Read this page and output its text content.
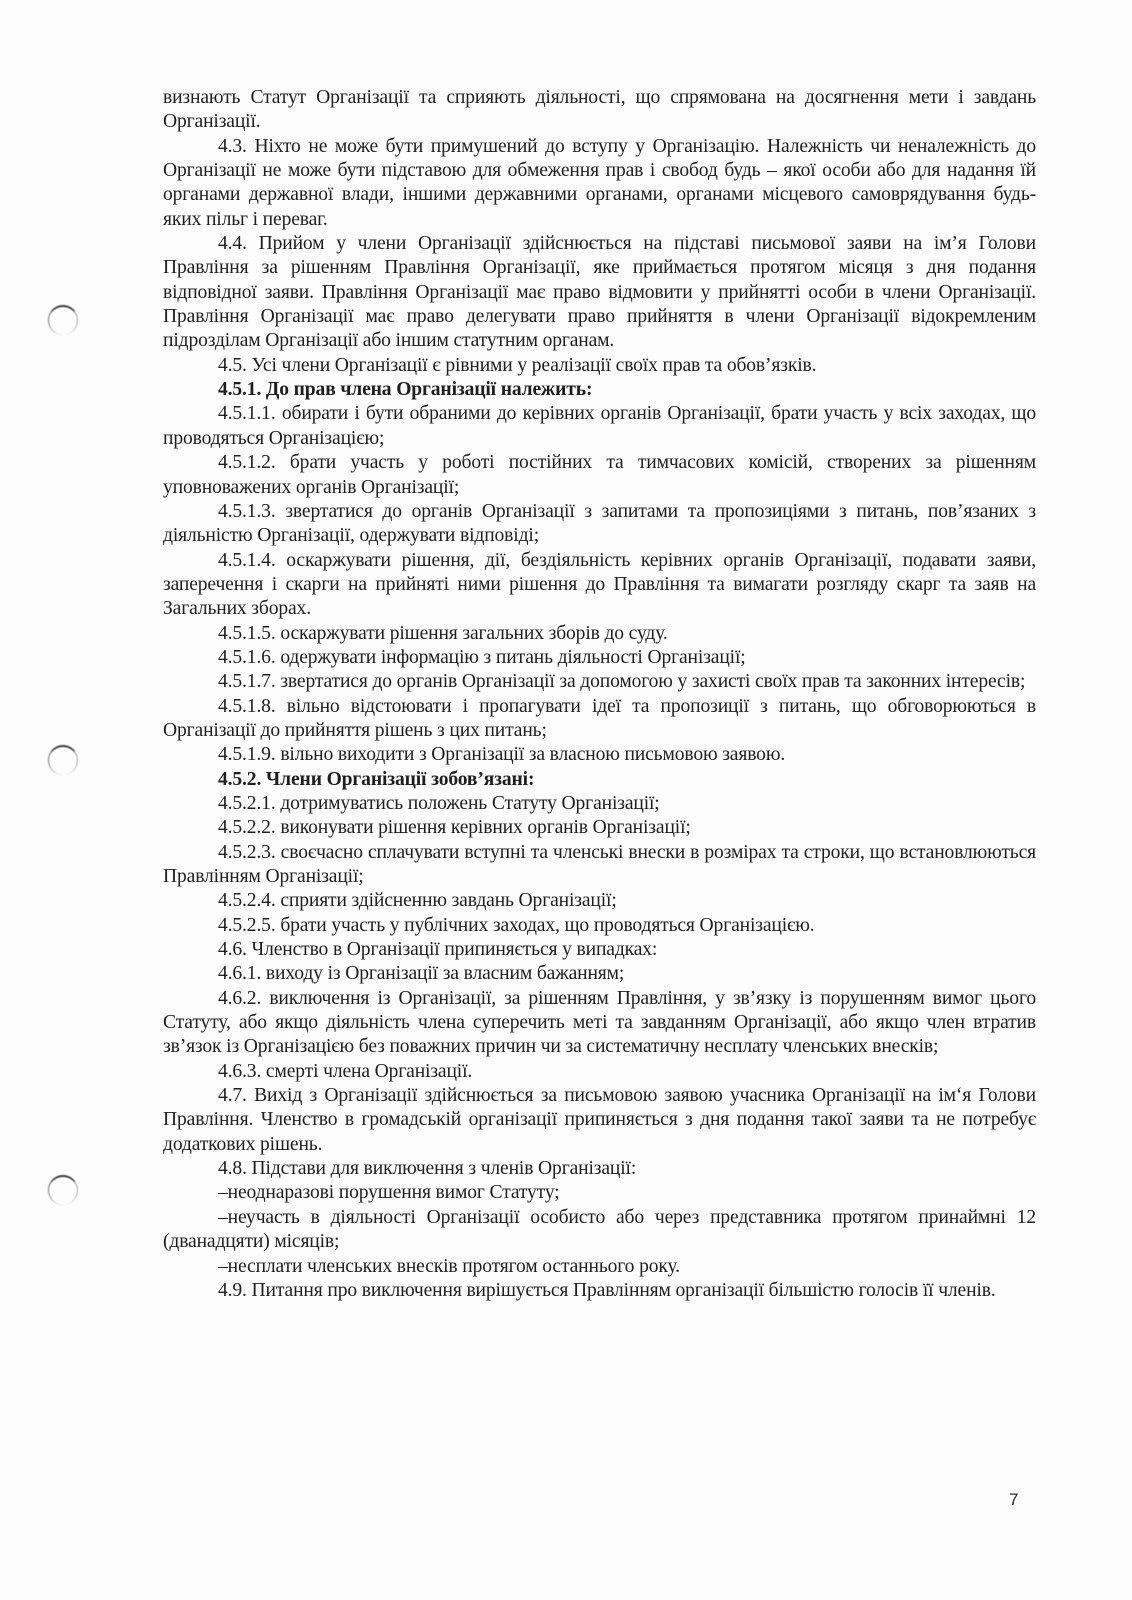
визнають Статут Організації та сприяють діяльності, що спрямована на досягнення мети і завдань Організації.

4.3. Ніхто не може бути примушений до вступу у Організацію. Належність чи неналежність до Організації не може бути підставою для обмеження прав і свобод будь – якої особи або для надання їй органами державної влади, іншими державними органами, органами місцевого самоврядування будь-яких пільг і переваг.

4.4. Прийом у члени Організації здійснюється на підставі письмової заяви на ім’я Голови Правління за рішенням Правління Організації, яке приймається протягом місяця з дня подання відповідної заяви. Правління Організації має право відмовити у прийнятті особи в члени Організації. Правління Організації має право делегувати право прийняття в члени Організації відокремленим підрозділам Організації або іншим статутним органам.

4.5. Усі члени Організації є рівними у реалізації своїх прав та обов’язків.

4.5.1. До прав члена Організації належить:

4.5.1.1. обирати і бути обраними до керівних органів Організації, брати участь у всіх заходах, що проводяться Організацією;

4.5.1.2. брати участь у роботі постійних та тимчасових комісій, створених за рішенням уповноважених органів Організації;

4.5.1.3. звертатися до органів Організації з запитами та пропозиціями з питань, пов’язаних з діяльністю Організації, одержувати відповіді;

4.5.1.4. оскаржувати рішення, дії, бездіяльність керівних органів Організації, подавати заяви, заперечення і скарги на прийняті ними рішення до Правління та вимагати розгляду скарг та заяв на Загальних зборах.

4.5.1.5. оскаржувати рішення загальних зборів до суду.

4.5.1.6. одержувати інформацію з питань діяльності Організації;

4.5.1.7. звертатися до органів Організації за допомогою у захисті своїх прав та законних інтересів;

4.5.1.8. вільно відстоювати і пропагувати ідеї та пропозиції з питань, що обговорюються в Організації до прийняття рішень з цих питань;

4.5.1.9. вільно виходити з Організації за власною письмовою заявою.

4.5.2. Члени Організації зобов’язані:

4.5.2.1. дотримуватись положень Статуту Організації;

4.5.2.2. виконувати рішення керівних органів Організації;

4.5.2.3. своєчасно сплачувати вступні та членські внески в розмірах та строки, що встановлюються Правлінням Організації;

4.5.2.4. сприяти здійсненню завдань Організації;

4.5.2.5. брати участь у публічних заходах, що проводяться Організацією.

4.6. Членство в Організації припиняється у випадках:

4.6.1. виходу із Організації за власним бажанням;

4.6.2. виключення із Організації, за рішенням Правління, у зв’язку із порушенням вимог цього Статуту, або якщо діяльність члена суперечить меті та завданням Організації, або якщо член втратив зв’язок із Організацією без поважних причин чи за систематичну несплату членських внесків;

4.6.3. смерті члена Організації.

4.7. Вихід з Організації здійснюється за письмовою заявою учасника Організації на ім‘я Голови Правління. Членство в громадській організації припиняється з дня подання такої заяви та не потребує додаткових рішень.

4.8. Підстави для виключення з членів Організації:

–неоднаразові порушення вимог Статуту;

–неучасть в діяльності Організації особисто або через представника протягом принаймні 12 (дванадцяти) місяців;

–несплати членських внесків протягом останнього року.

4.9. Питання про виключення вирішується Правлінням організації більшістю голосів її членів.

7
